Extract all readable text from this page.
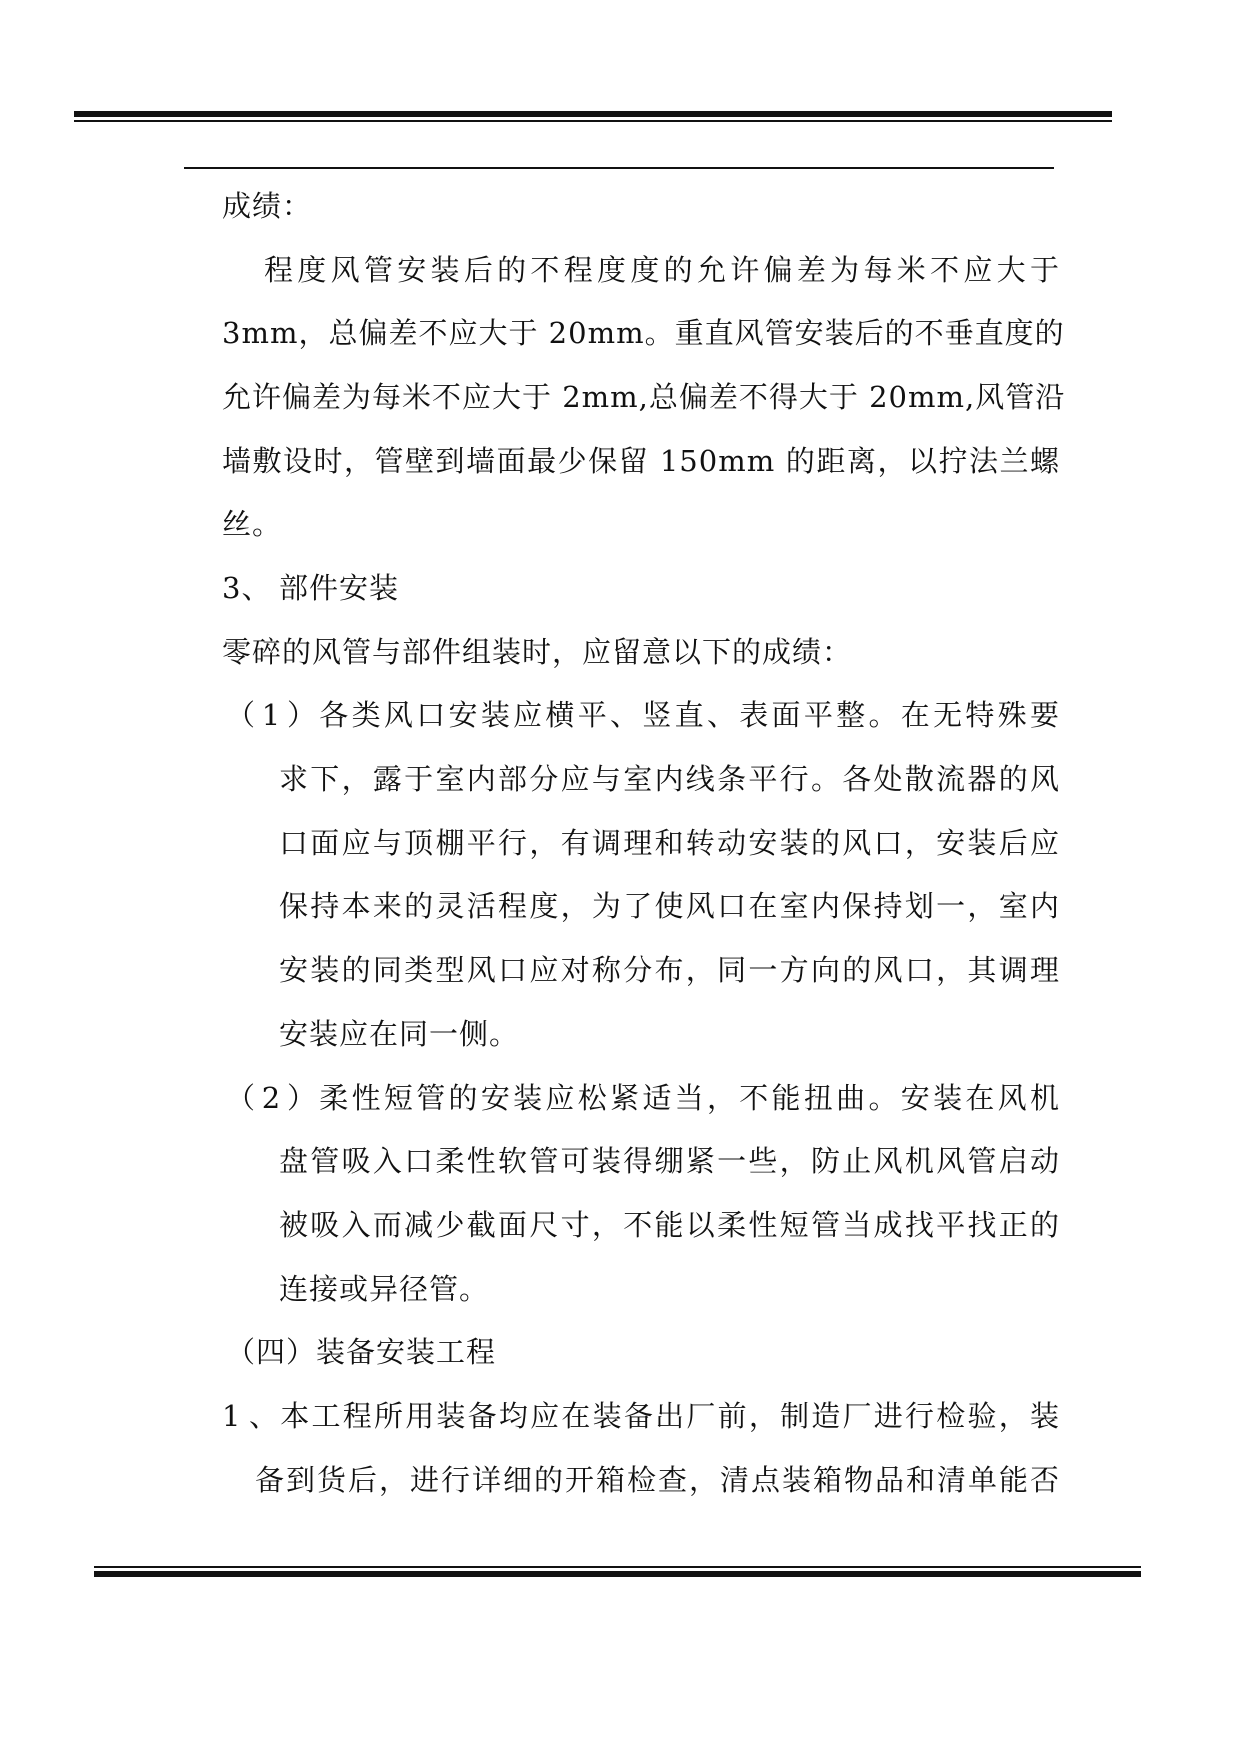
成绩：
程度风管安装后的不程度度的允许偏差为每米不应大于
3mm，总偏差不应大于 20mm。重直风管安装后的不垂直度的
允许偏差为每米不应大于 2mm,总偏差不得大于 20mm,风管沿
墙敷设时，管壁到墙面最少保留 150mm 的距离，以拧法兰螺
丝。
3、 部件安装
零碎的风管与部件组装时，应留意以下的成绩：
（1）各类风口安装应横平、竖直、表面平整。在无特殊要
求下，露于室内部分应与室内线条平行。各处散流器的风
口面应与顶棚平行，有调理和转动安装的风口，安装后应
保持本来的灵活程度，为了使风口在室内保持划一，室内
安装的同类型风口应对称分布，同一方向的风口，其调理
安装应在同一侧。
（2）柔性短管的安装应松紧适当，不能扭曲。安装在风机
盘管吸入口柔性软管可装得绷紧一些，防止风机风管启动
被吸入而减少截面尺寸，不能以柔性短管当成找平找正的
连接或异径管。
（四）装备安装工程
1、本工程所用装备均应在装备出厂前，制造厂进行检验，装
备到货后，进行详细的开箱检查，清点装箱物品和清单能否
